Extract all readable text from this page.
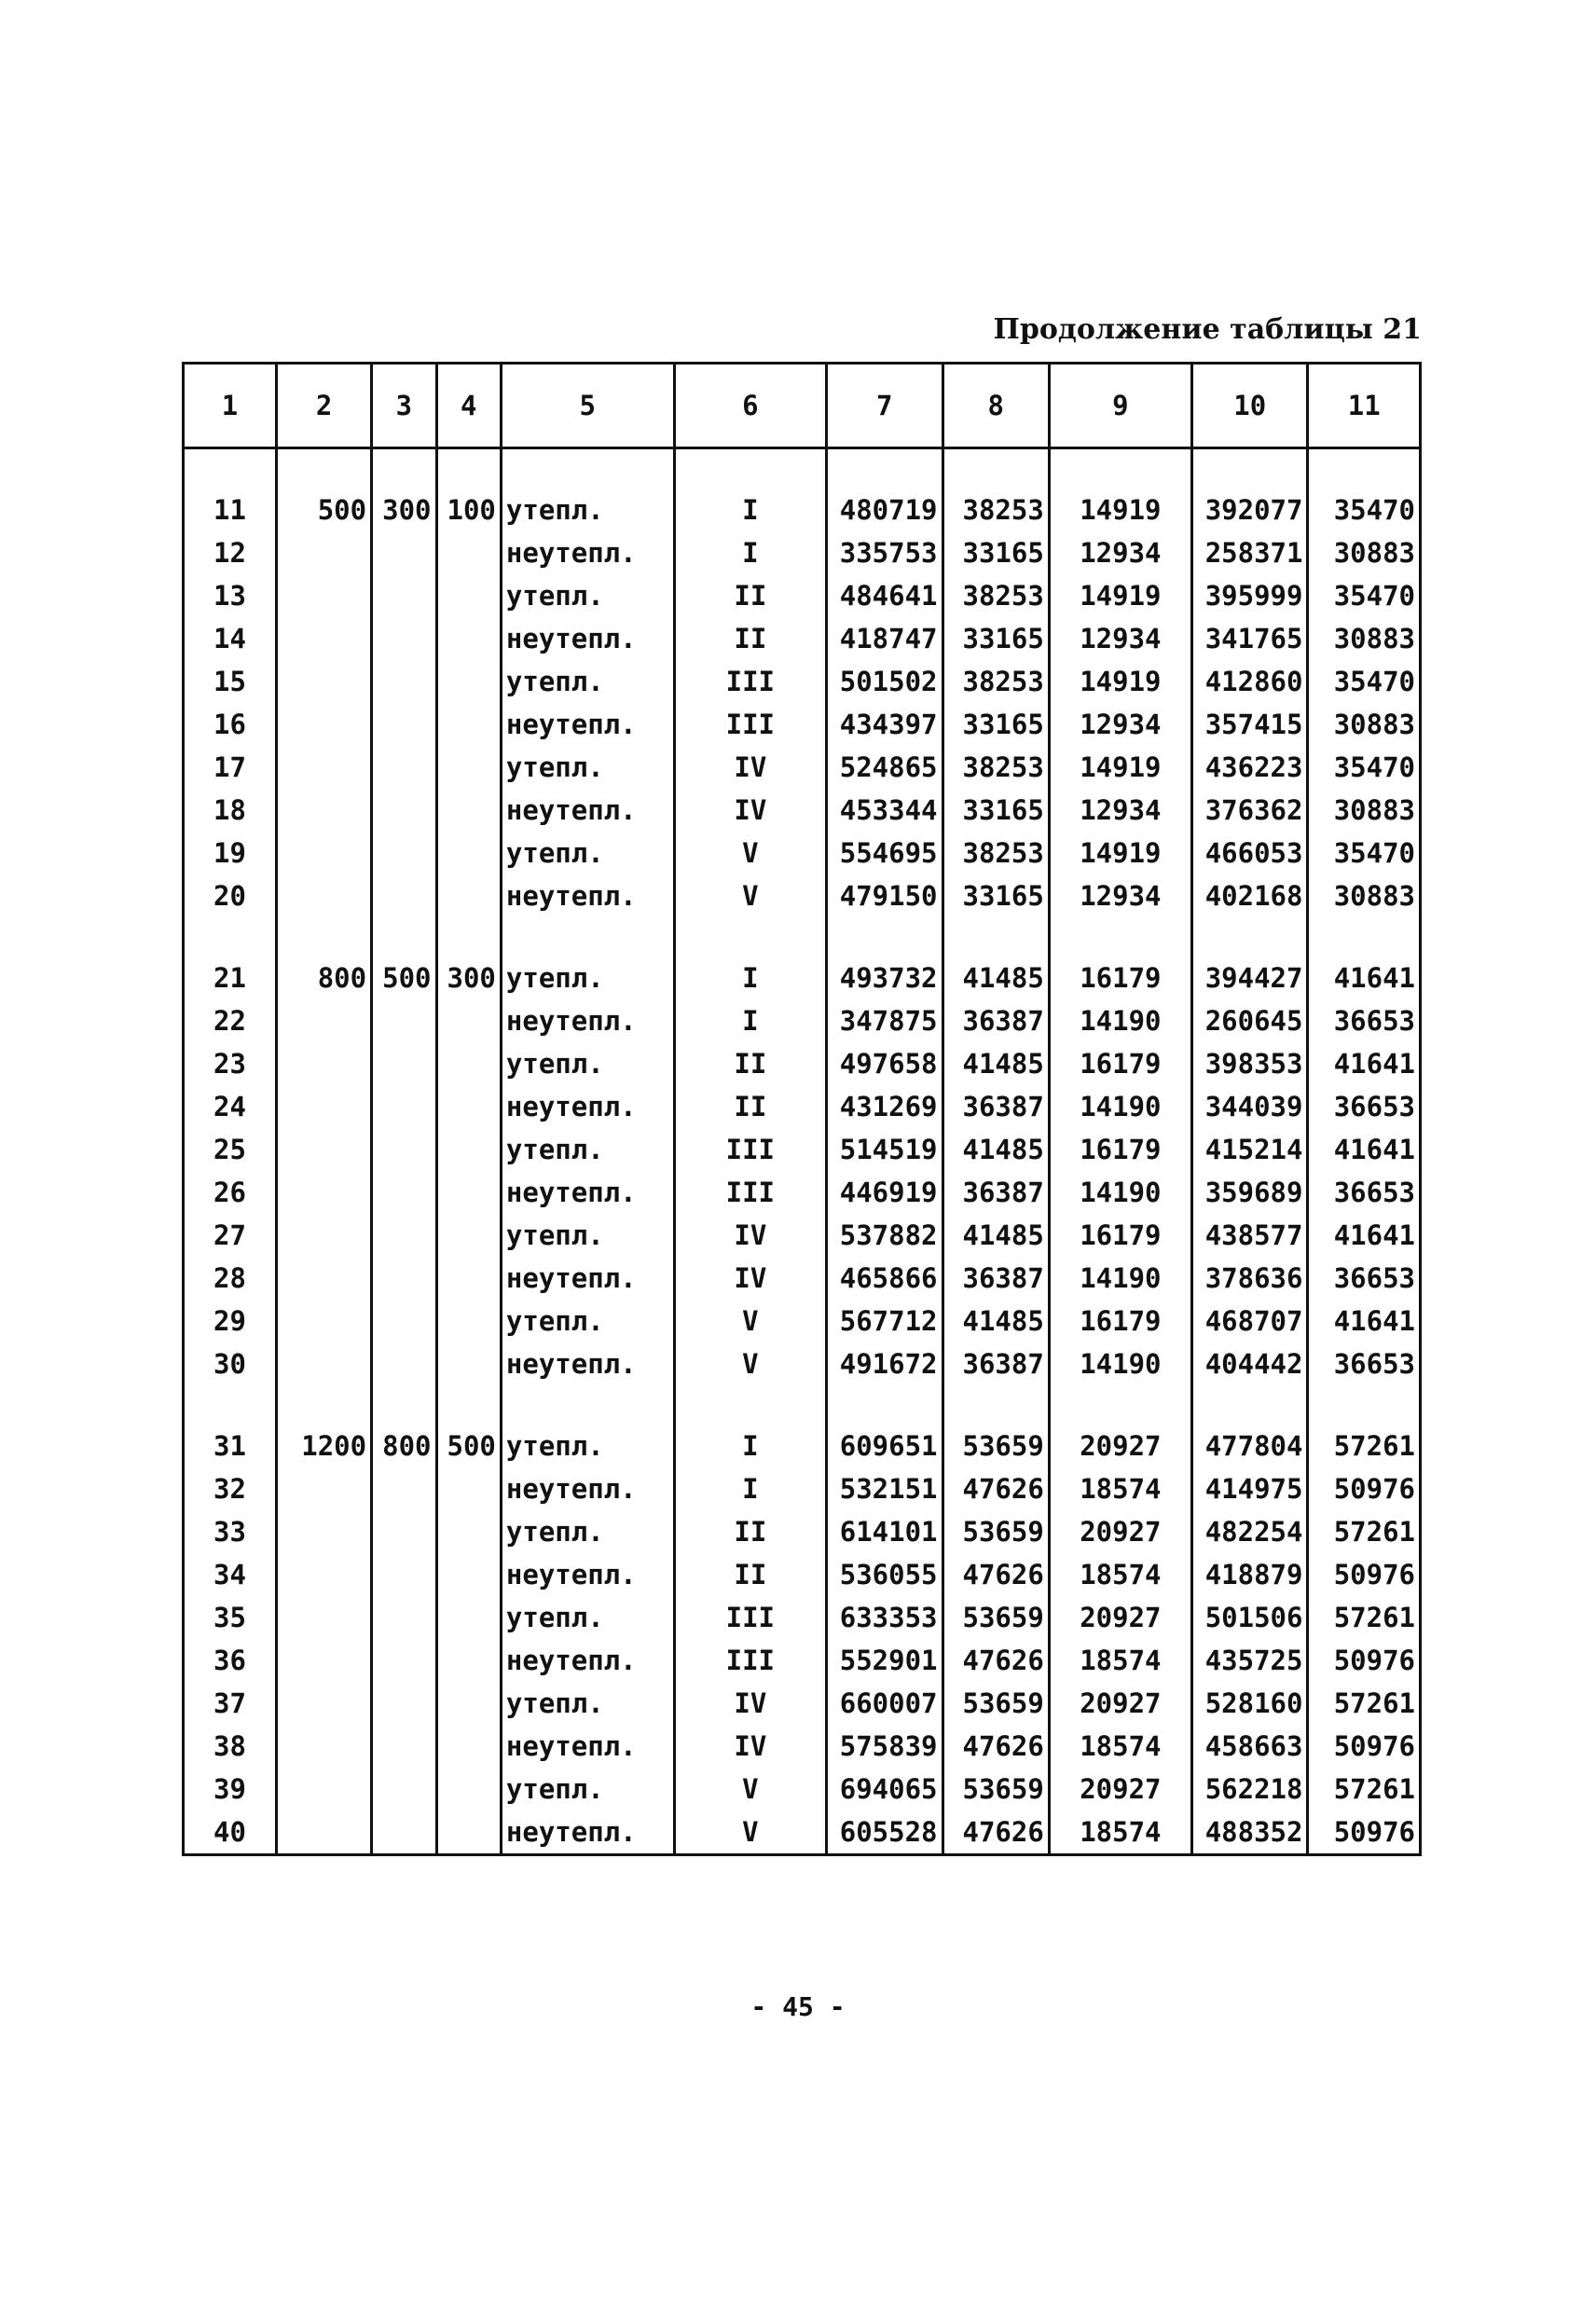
Продолжение таблицы 21
1	2	3	4	5	6	7	8	9	10	11

11	500	300	100	утепл.	I	480719	38253	14919	392077	35470
12				неутепл.	I	335753	33165	12934	258371	30883
13				утепл.	II	484641	38253	14919	395999	35470
14				неутепл.	II	418747	33165	12934	341765	30883
15				утепл.	III	501502	38253	14919	412860	35470
16				неутепл.	III	434397	33165	12934	357415	30883
17				утепл.	IV	524865	38253	14919	436223	35470
18				неутепл.	IV	453344	33165	12934	376362	30883
19				утепл.	V	554695	38253	14919	466053	35470
20				неутепл.	V	479150	33165	12934	402168	30883

21	800	500	300	утепл.	I	493732	41485	16179	394427	41641
22				неутепл.	I	347875	36387	14190	260645	36653
23				утепл.	II	497658	41485	16179	398353	41641
24				неутепл.	II	431269	36387	14190	344039	36653
25				утепл.	III	514519	41485	16179	415214	41641
26				неутепл.	III	446919	36387	14190	359689	36653
27				утепл.	IV	537882	41485	16179	438577	41641
28				неутепл.	IV	465866	36387	14190	378636	36653
29				утепл.	V	567712	41485	16179	468707	41641
30				неутепл.	V	491672	36387	14190	404442	36653

31	1200	800	500	утепл.	I	609651	53659	20927	477804	57261
32				неутепл.	I	532151	47626	18574	414975	50976
33				утепл.	II	614101	53659	20927	482254	57261
34				неутепл.	II	536055	47626	18574	418879	50976
35				утепл.	III	633353	53659	20927	501506	57261
36				неутепл.	III	552901	47626	18574	435725	50976
37				утепл.	IV	660007	53659	20927	528160	57261
38				неутепл.	IV	575839	47626	18574	458663	50976
39				утепл.	V	694065	53659	20927	562218	57261
40				неутепл.	V	605528	47626	18574	488352	50976
- 45 -
